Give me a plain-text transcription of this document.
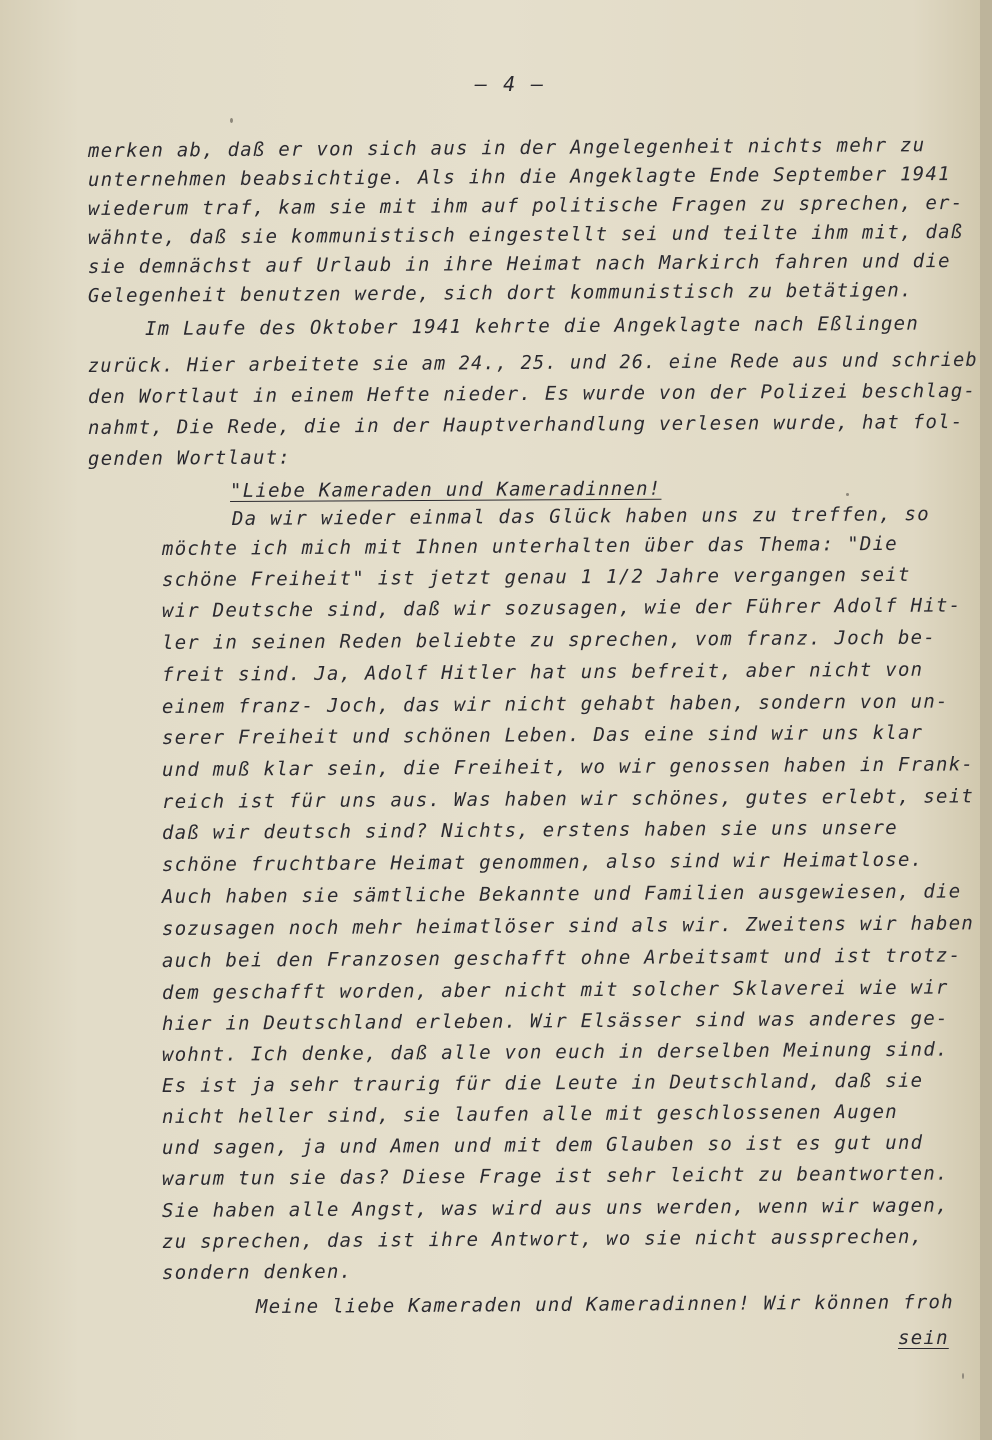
– 4 –
merken ab, daß er von sich aus in der Angelegenheit nichts mehr zu
unternehmen beabsichtige. Als ihn die Angeklagte Ende September 1941
wiederum traf, kam sie mit ihm auf politische Fragen zu sprechen, er-
wähnte, daß sie kommunistisch eingestellt sei und teilte ihm mit, daß
sie demnächst auf Urlaub in ihre Heimat nach Markirch fahren und die
Gelegenheit benutzen werde, sich dort kommunistisch zu betätigen.
Im Laufe des Oktober 1941 kehrte die Angeklagte nach Eßlingen
zurück. Hier arbeitete sie am 24., 25. und 26. eine Rede aus und schrieb
den Wortlaut in einem Hefte nieder. Es wurde von der Polizei beschlag-
nahmt, Die Rede, die in der Hauptverhandlung verlesen wurde, hat fol-
genden Wortlaut:
"Liebe Kameraden und Kameradinnen!
Da wir wieder einmal das Glück haben uns zu treffen, so
möchte ich mich mit Ihnen unterhalten über das Thema: "Die
schöne Freiheit" ist jetzt genau 1 1/2 Jahre vergangen seit
wir Deutsche sind, daß wir sozusagen, wie der Führer Adolf Hit-
ler in seinen Reden beliebte zu sprechen, vom franz. Joch be-
freit sind. Ja, Adolf Hitler hat uns befreit, aber nicht von
einem franz- Joch, das wir nicht gehabt haben, sondern von un-
serer Freiheit und schönen Leben. Das eine sind wir uns klar
und muß klar sein, die Freiheit, wo wir genossen haben in Frank-
reich ist für uns aus. Was haben wir schönes, gutes erlebt, seit
daß wir deutsch sind? Nichts, erstens haben sie uns unsere
schöne fruchtbare Heimat genommen, also sind wir Heimatlose.
Auch haben sie sämtliche Bekannte und Familien ausgewiesen, die
sozusagen noch mehr heimatlöser sind als wir. Zweitens wir haben
auch bei den Franzosen geschafft ohne Arbeitsamt und ist trotz-
dem geschafft worden, aber nicht mit solcher Sklaverei wie wir
hier in Deutschland erleben. Wir Elsässer sind was anderes ge-
wohnt. Ich denke, daß alle von euch in derselben Meinung sind.
Es ist ja sehr traurig für die Leute in Deutschland, daß sie
nicht heller sind, sie laufen alle mit geschlossenen Augen
und sagen, ja und Amen und mit dem Glauben so ist es gut und
warum tun sie das? Diese Frage ist sehr leicht zu beantworten.
Sie haben alle Angst, was wird aus uns werden, wenn wir wagen,
zu sprechen, das ist ihre Antwort, wo sie nicht aussprechen,
sondern denken.
Meine liebe Kameraden und Kameradinnen! Wir können froh
sein
